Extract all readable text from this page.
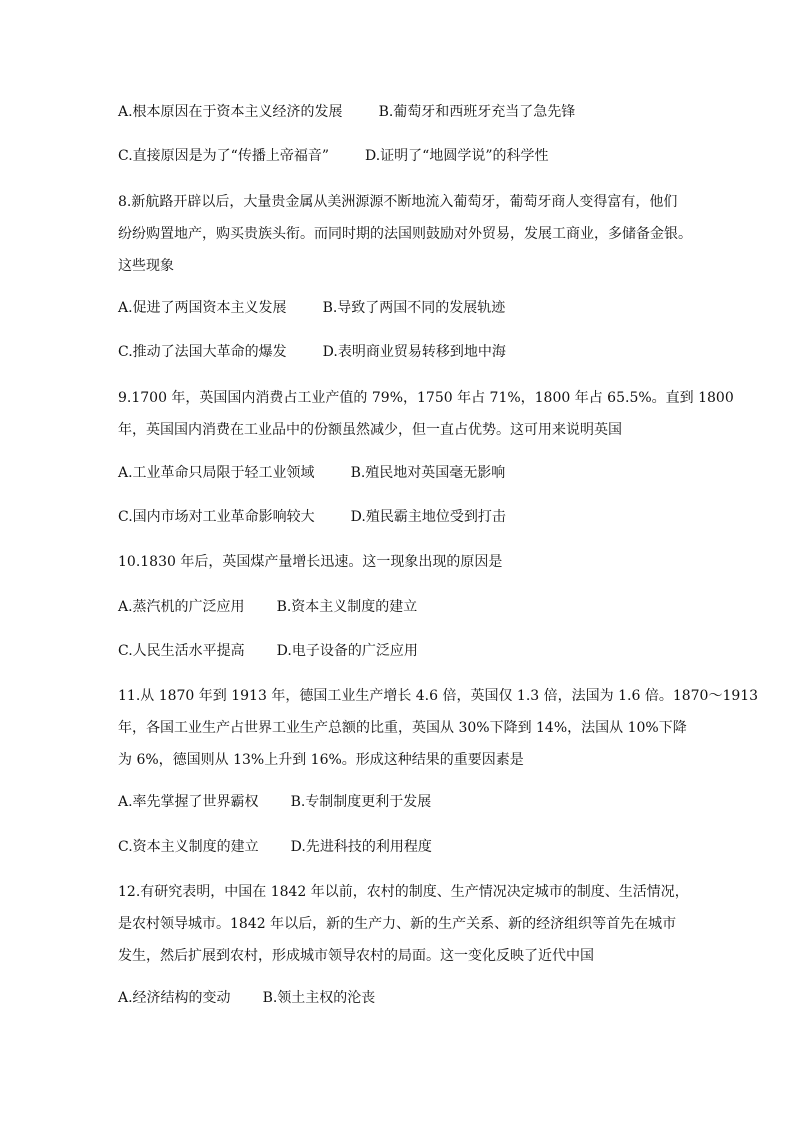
A.根本原因在于资本主义经济的发展	B.葡萄牙和西班牙充当了急先锋
C.直接原因是为了“传播上帝福音”	D.证明了“地圆学说”的科学性
8.新航路开辟以后，大量贵金属从美洲源源不断地流入葡萄牙，葡萄牙商人变得富有，他们
纷纷购置地产，购买贵族头衔。而同时期的法国则鼓励对外贸易，发展工商业，多储备金银。
这些现象
A.促进了两国资本主义发展	B.导致了两国不同的发展轨迹
C.推动了法国大革命的爆发	D.表明商业贸易转移到地中海
9.1700 年，英国国内消费占工业产值的 79%，1750 年占 71%，1800 年占 65.5%。直到 1800
年，英国国内消费在工业品中的份额虽然减少，但一直占优势。这可用来说明英国
A.工业革命只局限于轻工业领域	B.殖民地对英国毫无影响
C.国内市场对工业革命影响较大	D.殖民霸主地位受到打击
10.1830 年后，英国煤产量增长迅速。这一现象出现的原因是
A.蒸汽机的广泛应用 B.资本主义制度的建立
C.人民生活水平提高 D.电子设备的广泛应用
11.从 1870 年到 1913 年，德国工业生产增长 4.6 倍，英国仅 1.3 倍，法国为 1.6 倍。1870～1913
年，各国工业生产占世界工业生产总额的比重，英国从 30%下降到 14%，法国从 10%下降
为 6%，德国则从 13%上升到 16%。形成这种结果的重要因素是
A.率先掌握了世界霸权 B.专制制度更利于发展
C.资本主义制度的建立 D.先进科技的利用程度
12.有研究表明，中国在 1842 年以前，农村的制度、生产情况决定城市的制度、生活情况，
是农村领导城市。1842 年以后，新的生产力、新的生产关系、新的经济组织等首先在城市
发生，然后扩展到农村，形成城市领导农村的局面。这一变化反映了近代中国
A.经济结构的变动 B.领土主权的沦丧
